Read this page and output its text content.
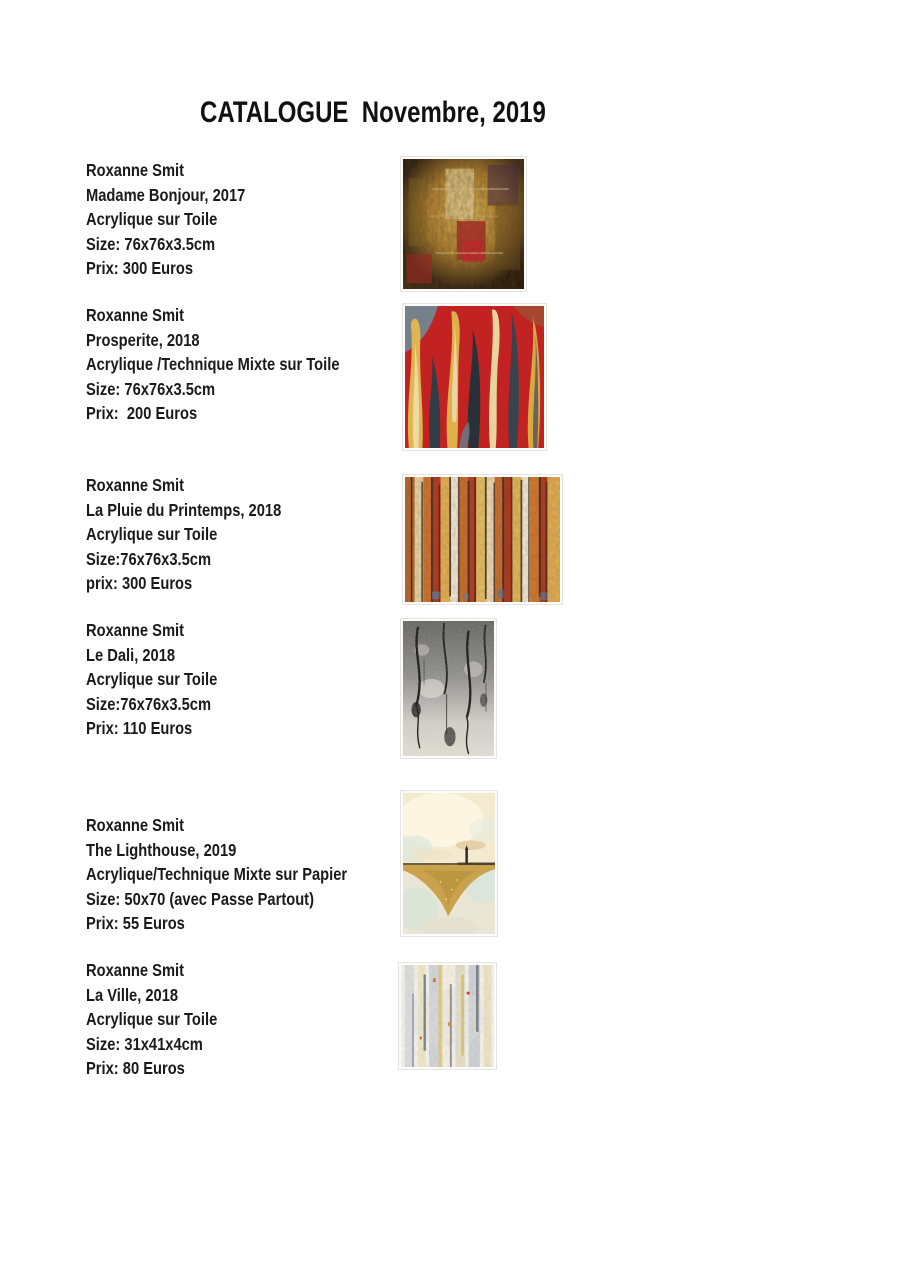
CATALOGUE  Novembre, 2019

Roxanne Smit

Madame Bonjour, 2017

Acrylique sur Toile

Size: 76x76x3.5cm

Prix: 300 Euros

Roxanne Smit

Prosperite, 2018

Acrylique /Technique Mixte sur Toile

Size: 76x76x3.5cm

Prix:  200 Euros

Roxanne Smit

La Pluie du Printemps, 2018

Acrylique sur Toile

Size:76x76x3.5cm

prix: 300 Euros

Roxanne Smit

Le Dali, 2018

Acrylique sur Toile

Size:76x76x3.5cm

Prix: 110 Euros

Roxanne Smit

The Lighthouse, 2019

Acrylique/Technique Mixte sur Papier

Size: 50x70 (avec Passe Partout)

Prix: 55 Euros

Roxanne Smit

La Ville, 2018

Acrylique sur Toile

Size: 31x41x4cm

Prix: 80 Euros
